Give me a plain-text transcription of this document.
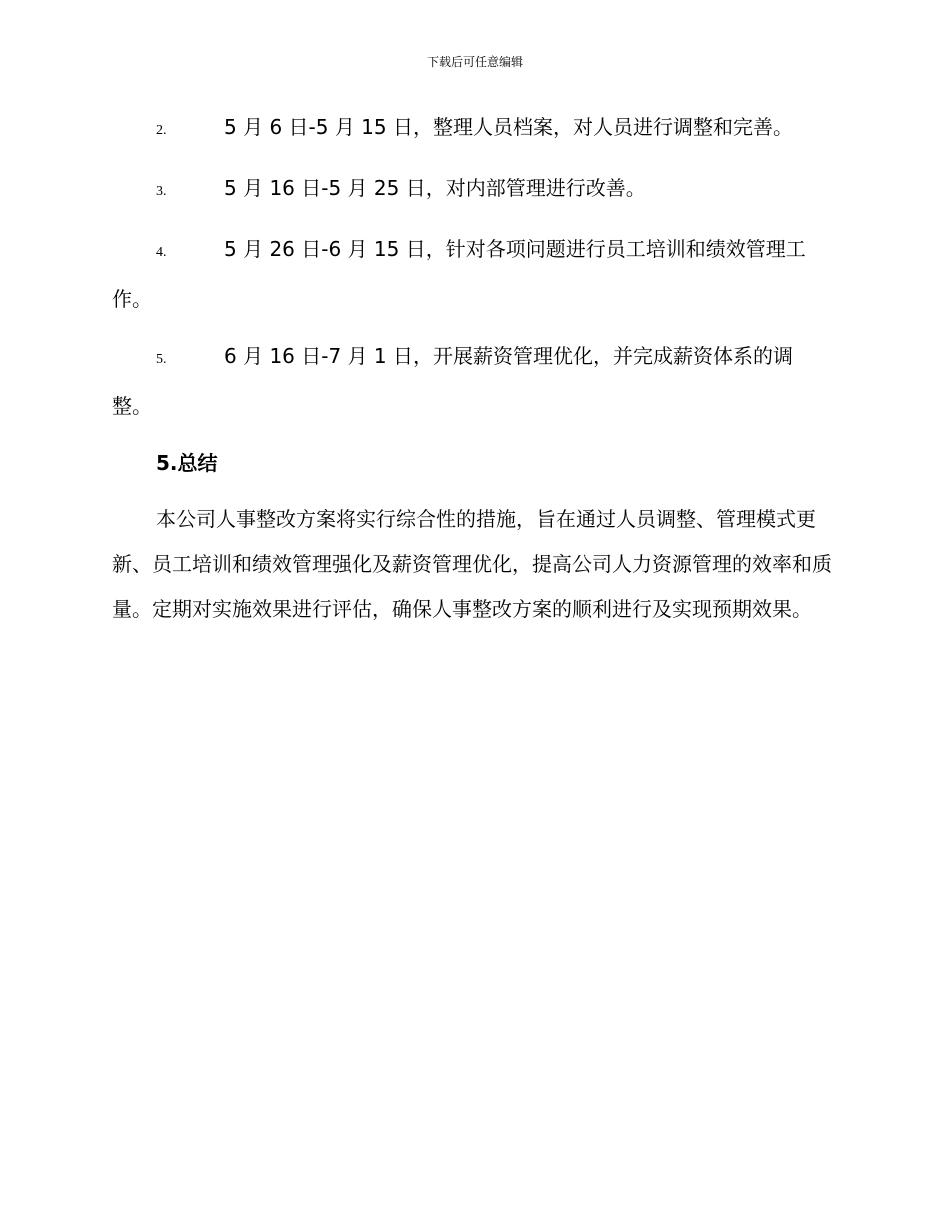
下载后可任意编辑

2.	5 月 6 日-5 月 15 日，整理人员档案，对人员进行调整和完善。

3.	5 月 16 日-5 月 25 日，对内部管理进行改善。

4.	5 月 26 日-6 月 15 日，针对各项问题进行员工培训和绩效管理工作。

5.	6 月 16 日-7 月 1 日，开展薪资管理优化，并完成薪资体系的调整。

5.总结

本公司人事整改方案将实行综合性的措施，旨在通过人员调整、管理模式更新、员工培训和绩效管理强化及薪资管理优化，提高公司人力资源管理的效率和质量。定期对实施效果进行评估，确保人事整改方案的顺利进行及实现预期效果。
